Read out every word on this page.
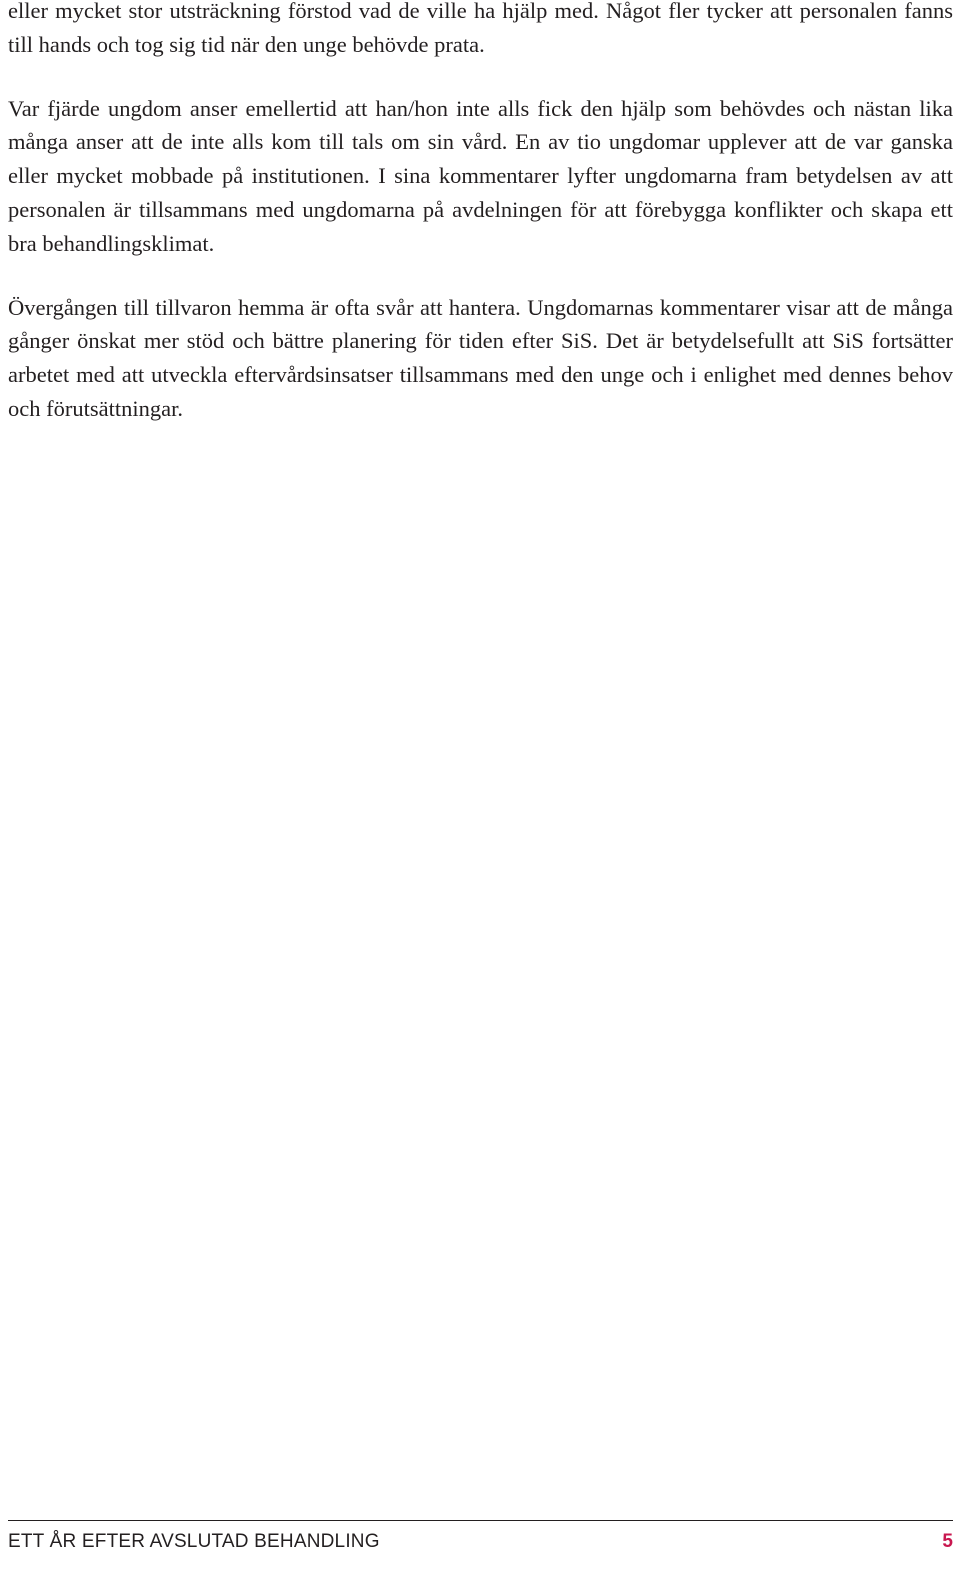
eller mycket stor utsträckning förstod vad de ville ha hjälp med. Något fler tycker att personalen fanns till hands och tog sig tid när den unge behövde prata.

Var fjärde ungdom anser emellertid att han/hon inte alls fick den hjälp som behövdes och nästan lika många anser att de inte alls kom till tals om sin vård. En av tio ungdomar upplever att de var ganska eller mycket mobbade på institutionen. I sina kommentarer lyfter ungdomarna fram betydelsen av att personalen är tillsammans med ungdomarna på avdelningen för att förebygga konflikter och skapa ett bra behandlingsklimat.

Övergången till tillvaron hemma är ofta svår att hantera. Ungdomarnas kommentarer visar att de många gånger önskat mer stöd och bättre planering för tiden efter SiS. Det är betydelsefullt att SiS fortsätter arbetet med att utveckla eftervårdsinsatser tillsammans med den unge och i enlighet med dennes behov och förutsättningar.

ETT ÅR EFTER AVSLUTAD BEHANDLING	5
